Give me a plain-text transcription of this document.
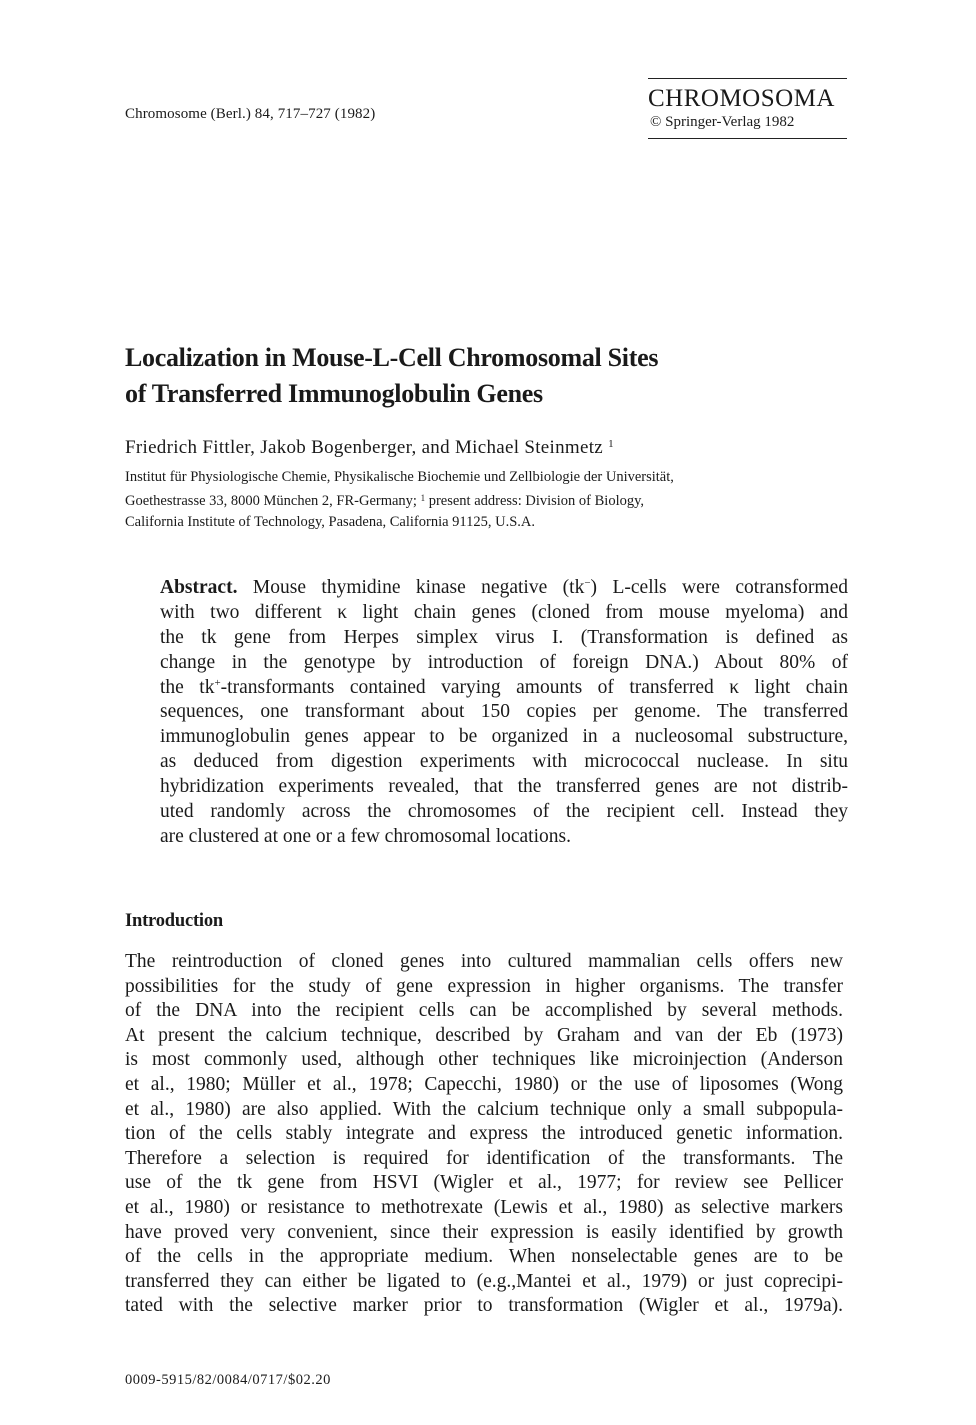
Chromosome (Berl.) 84, 717–727 (1982)
CHROMOSOMA
© Springer-Verlag 1982
Localization in Mouse-L-Cell Chromosomal Sites
of Transferred Immunoglobulin Genes
Friedrich Fittler, Jakob Bogenberger, and Michael Steinmetz $^1$
Institut für Physiologische Chemie, Physikalische Biochemie und Zellbiologie der Universität,
Goethestrasse 33, 8000 München 2, FR-Germany; $^1$ present address: Division of Biology,
California Institute of Technology, Pasadena, California 91125, U.S.A.
Abstract. Mouse thymidine kinase negative (tk−) L-cells were cotransformed
with two different κ light chain genes (cloned from mouse myeloma) and
the tk gene from Herpes simplex virus I. (Transformation is defined as
change in the genotype by introduction of foreign DNA.) About 80% of
the tk+-transformants contained varying amounts of transferred κ light chain
sequences, one transformant about 150 copies per genome. The transferred
immunoglobulin genes appear to be organized in a nucleosomal substructure,
as deduced from digestion experiments with micrococcal nuclease. In situ
hybridization experiments revealed, that the transferred genes are not distrib-
uted randomly across the chromosomes of the recipient cell. Instead they
are clustered at one or a few chromosomal locations.
Introduction
The reintroduction of cloned genes into cultured mammalian cells offers new
possibilities for the study of gene expression in higher organisms. The transfer
of the DNA into the recipient cells can be accomplished by several methods.
At present the calcium technique, described by Graham and van der Eb (1973)
is most commonly used, although other techniques like microinjection (Anderson
et al., 1980; Müller et al., 1978; Capecchi, 1980) or the use of liposomes (Wong
et al., 1980) are also applied. With the calcium technique only a small subpopula-
tion of the cells stably integrate and express the introduced genetic information.
Therefore a selection is required for identification of the transformants. The
use of the tk gene from HSVI (Wigler et al., 1977; for review see Pellicer
et al., 1980) or resistance to methotrexate (Lewis et al., 1980) as selective markers
have proved very convenient, since their expression is easily identified by growth
of the cells in the appropriate medium. When nonselectable genes are to be
transferred they can either be ligated to (e.g.,Mantei et al., 1979) or just coprecipi-
tated with the selective marker prior to transformation (Wigler et al., 1979a).
0009-5915/82/0084/0717/$02.20
